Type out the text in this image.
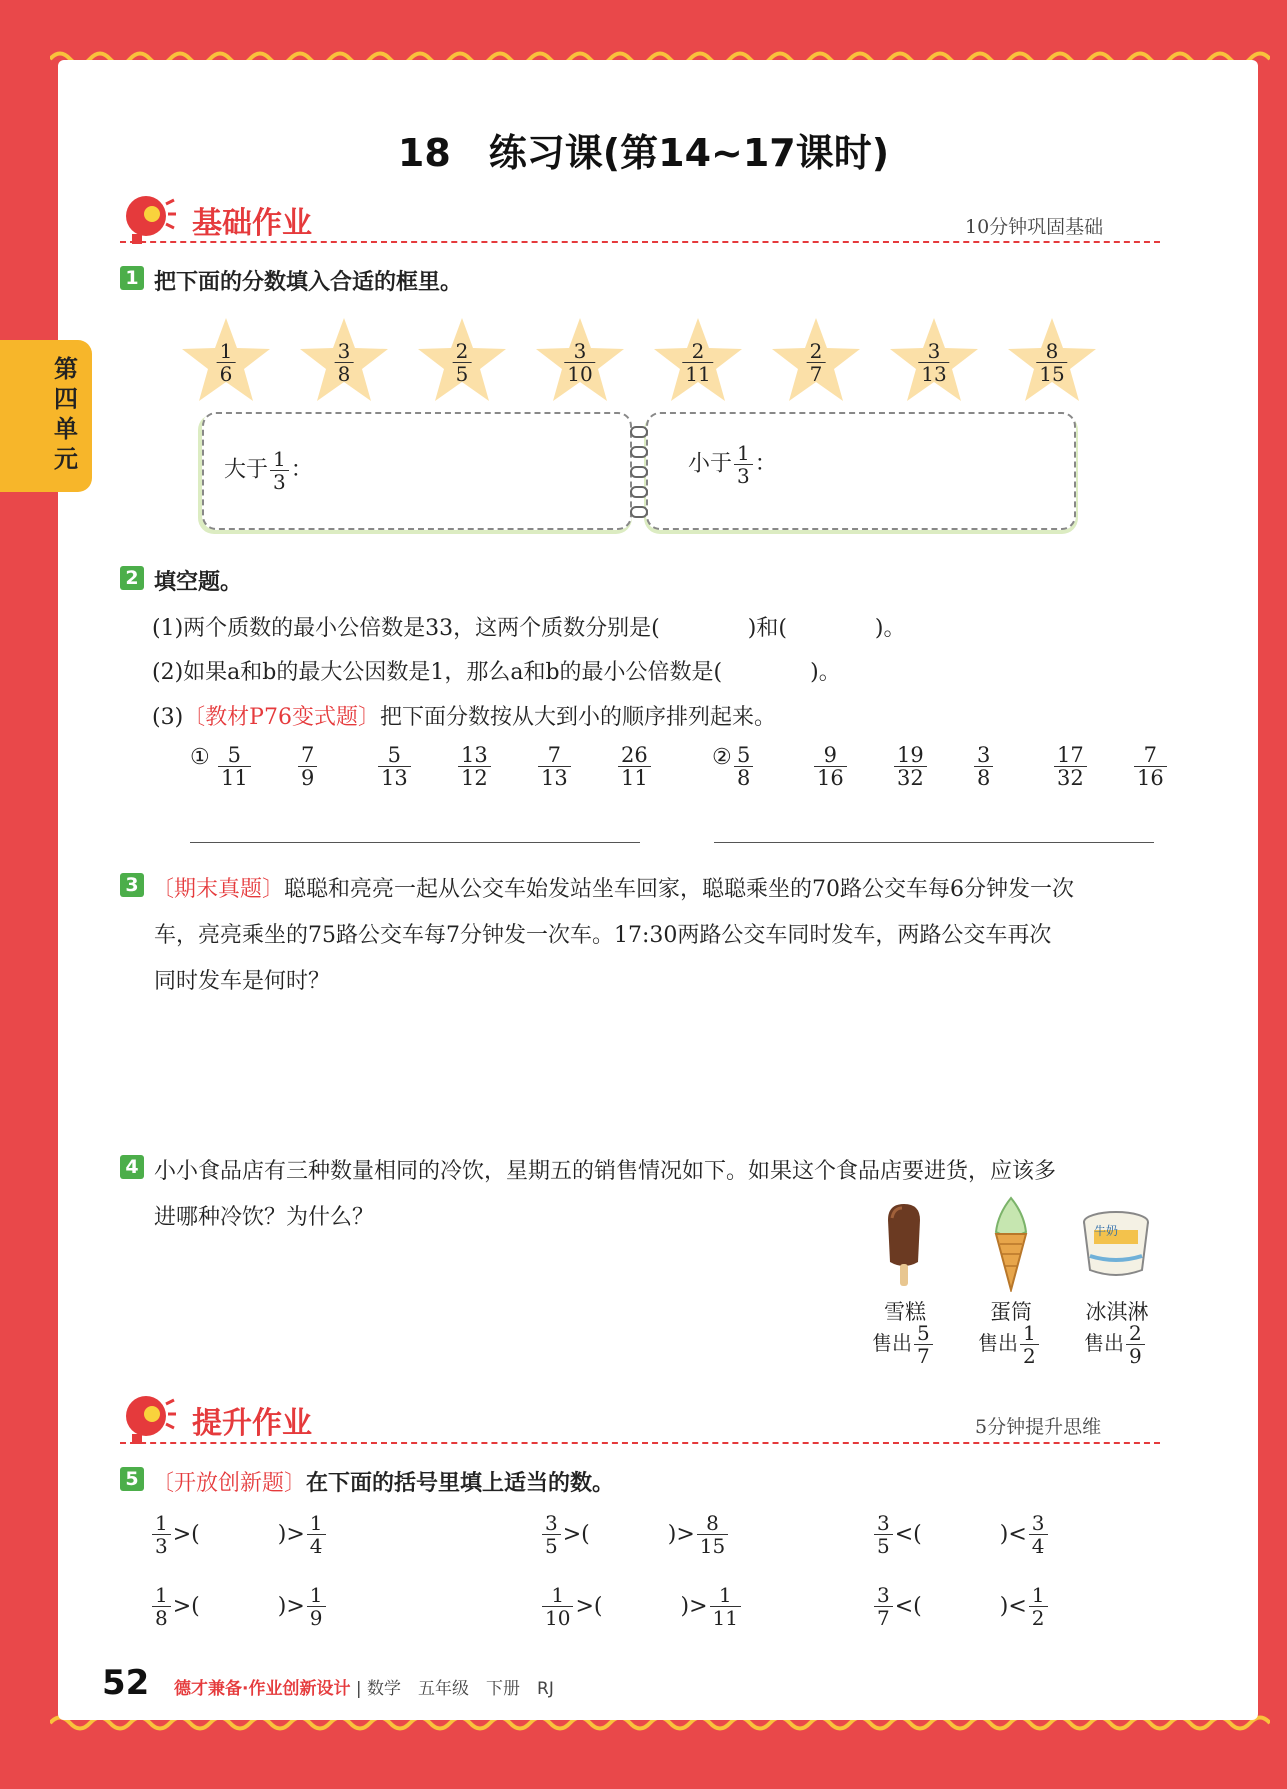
第四单元
18　练习课(第14~17课时)
基础作业	10分钟巩固基础
1 把下面的分数填入合适的框里。
$\frac{1}{6}$	$\frac{3}{8}$	$\frac{2}{5}$	$\frac{3}{10}$	$\frac{2}{11}$	$\frac{2}{7}$	$\frac{3}{13}$	$\frac{8}{15}$
大于 $\frac{1}{3}$ ：	小于 $\frac{1}{3}$ ：
2 填空题。
(1)两个质数的最小公倍数是33，这两个质数分别是(　　　　)和(　　　　)。
(2)如果a和b的最大公因数是1，那么a和b的最小公倍数是(　　　　)。
(3)〔教材P76变式题〕把下面分数按从大到小的顺序排列起来。
① $\frac{5}{11} \frac{7}{9}$	$\frac{5}{13} \frac{13}{12} \frac{7}{13} \frac{26}{11}$	② $\frac{5}{8}$	$\frac{9}{16} \frac{19}{32} \frac{3}{8}$	$\frac{17}{32} \frac{7}{16}$
3 〔期末真题〕聪聪和亮亮一起从公交车始发站坐车回家，聪聪乘坐的70路公交车每6分钟发一次
车，亮亮乘坐的75路公交车每7分钟发一次车。17:30两路公交车同时发车，两路公交车再次
同时发车是何时？
4 小小食品店有三种数量相同的冷饮，星期五的销售情况如下。如果这个食品店要进货，应该多
进哪种冷饮？为什么？
牛奶
雪糕
售出 $\frac{5}{7}$
蛋筒
售出 $\frac{1}{2}$
冰淇淋
售出 $\frac{2}{9}$
提升作业	5分钟提升思维
5 〔开放创新题〕在下面的括号里填上适当的数。
$\frac{1}{3}$ >(	)> $\frac{1}{4}$	$\frac{3}{5}$ >(	)> $\frac{8}{15}$	$\frac{3}{5}$ <(	)< $\frac{3}{4}$
$\frac{1}{8}$ >(	)> $\frac{1}{9}$	$\frac{1}{10}$ >(	)> $\frac{1}{11}$	$\frac{3}{7}$ <(	)< $\frac{1}{2}$
52 德才兼备·作业创新设计 | 数学　五年级　下册　RJ
